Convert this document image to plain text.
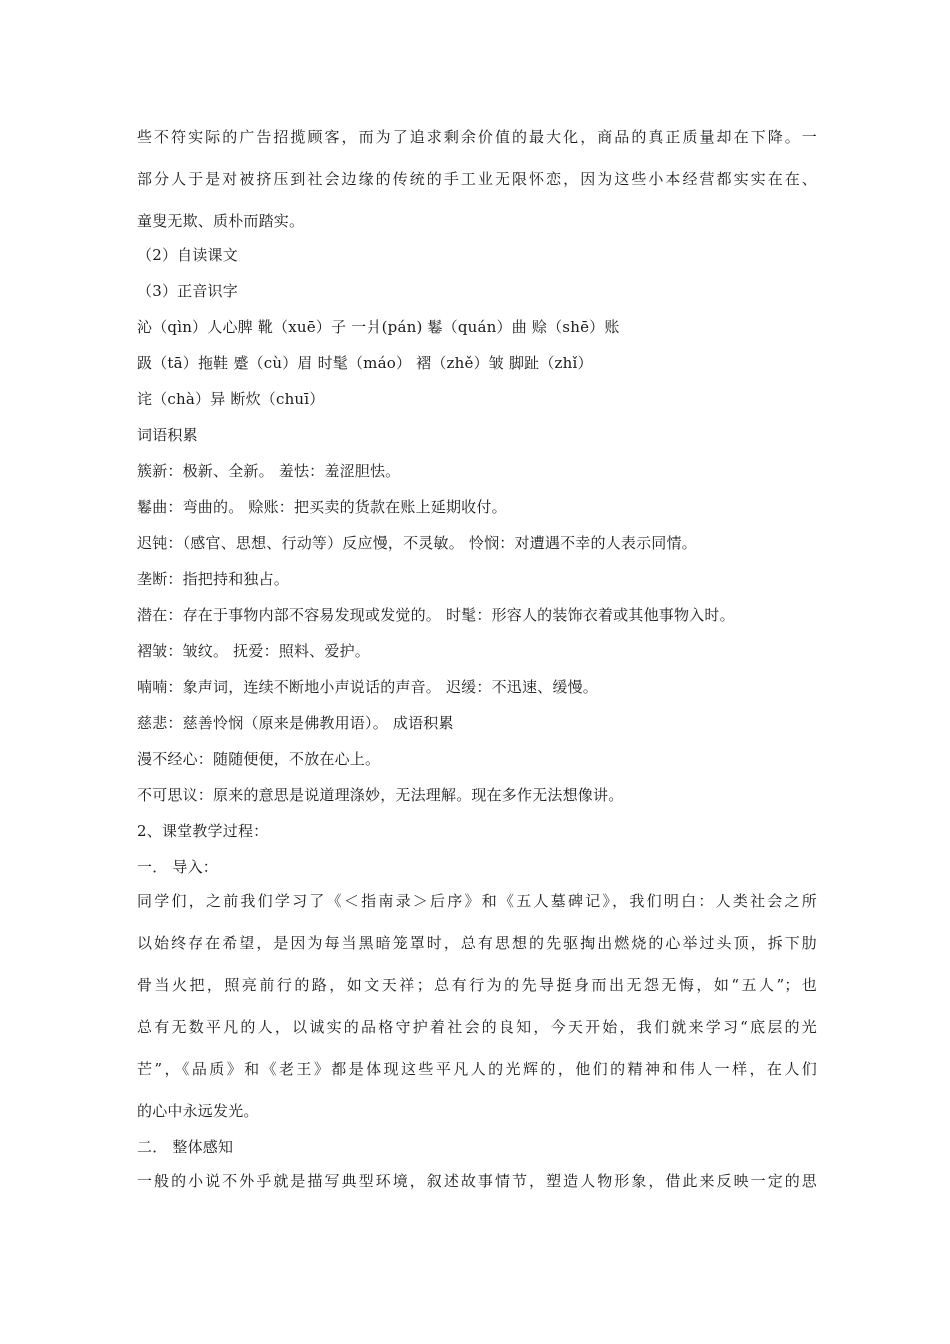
些不符实际的广告招揽顾客，而为了追求剩余价值的最大化，商品的真正质量却在下降。一
部分人于是对被挤压到社会边缘的传统的手工业无限怀恋，因为这些小本经营都实实在在、
童叟无欺、质朴而踏实。
（2）自读课文
（3）正音识字
沁（qìn）人心脾 靴（xuē）子 一爿(pán) 鬈（quán）曲 赊（shē）账
趿（tā）拖鞋 蹙（cù）眉 时髦（máo） 褶（zhě）皱 脚趾（zhǐ）
诧（chà）异 断炊（chuī）
词语积累
簇新：极新、全新。 羞怯：羞涩胆怯。
鬈曲：弯曲的。 赊账：把买卖的货款在账上延期收付。
迟钝：（感官、思想、行动等）反应慢，不灵敏。 怜悯：对遭遇不幸的人表示同情。
垄断：指把持和独占。
潜在：存在于事物内部不容易发现或发觉的。 时髦：形容人的装饰衣着或其他事物入时。
褶皱：皱纹。 抚爱：照料、爱护。
喃喃：象声词，连续不断地小声说话的声音。 迟缓：不迅速、缓慢。
慈悲：慈善怜悯（原来是佛教用语）。 成语积累
漫不经心：随随便便，不放在心上。
不可思议：原来的意思是说道理涤妙，无法理解。现在多作无法想像讲。
2、课堂教学过程：
一． 导入：
同学们，之前我们学习了《＜指南录＞后序》和《五人墓碑记》，我们明白：人类社会之所
以始终存在希望，是因为每当黑暗笼罩时，总有思想的先驱掏出燃烧的心举过头顶，拆下肋
骨当火把，照亮前行的路，如文天祥；总有行为的先导挺身而出无怨无悔，如“五人”；也
总有无数平凡的人，以诚实的品格守护着社会的良知，今天开始，我们就来学习“底层的光
芒”，《品质》和《老王》都是体现这些平凡人的光辉的，他们的精神和伟人一样，在人们
的心中永远发光。
二． 整体感知
一般的小说不外乎就是描写典型环境，叙述故事情节，塑造人物形象，借此来反映一定的思
